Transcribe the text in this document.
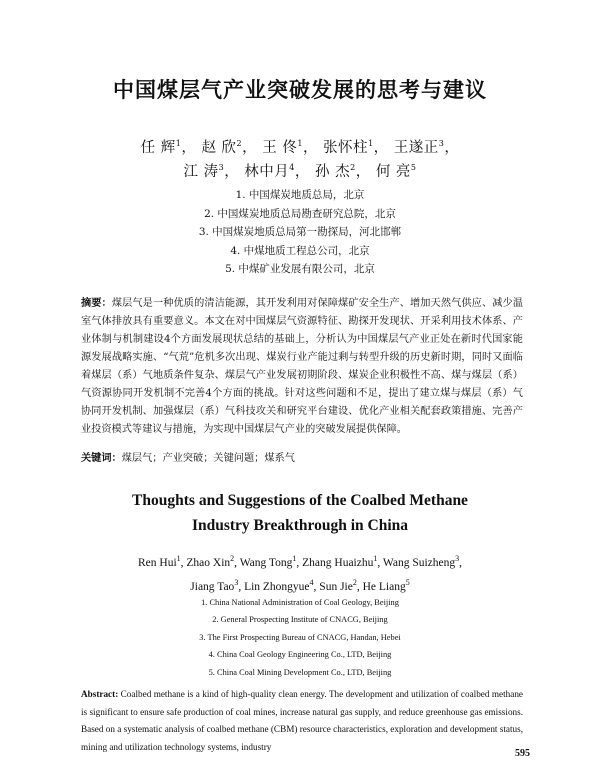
中国煤层气产业突破发展的思考与建议
任 辉$^1$， 赵 欣$^2$， 王 佟$^1$， 张怀柱$^1$， 王遂正$^3$，
江 涛$^3$， 林中月$^4$， 孙 杰$^2$， 何 亮$^5$
1. 中国煤炭地质总局，北京
2. 中国煤炭地质总局勘查研究总院，北京
3. 中国煤炭地质总局第一勘探局，河北邯郸
4. 中煤地质工程总公司，北京
5. 中煤矿业发展有限公司，北京
摘要：煤层气是一种优质的清洁能源，其开发利用对保障煤矿安全生产、增加天然气供应、减少温室气体排放具有重要意义。本文在对中国煤层气资源特征、勘探开发现状、开采利用技术体系、产业体制与机制建设4个方面发展现状总结的基础上，分析认为中国煤层气产业正处在新时代国家能源发展战略实施、“气荒”危机多次出现、煤炭行业产能过剩与转型升级的历史新时期，同时又面临着煤层（系）气地质条件复杂、煤层气产业发展初期阶段、煤炭企业积极性不高、煤与煤层（系）气资源协同开发机制不完善4个方面的挑战。针对这些问题和不足，提出了建立煤与煤层（系）气协同开发机制、加强煤层（系）气科技攻关和研究平台建设、优化产业相关配套政策措施、完善产业投资模式等建议与措施，为实现中国煤层气产业的突破发展提供保障。
关键词：煤层气；产业突破；关键问题；煤系气
Thoughts and Suggestions of the Coalbed Methane
Industry Breakthrough in China
Ren Hui$^1$, Zhao Xin$^2$, Wang Tong$^1$, Zhang Huaizhu$^1$, Wang Suizheng$^3$,
Jiang Tao$^3$, Lin Zhongyue$^4$, Sun Jie$^2$, He Liang$^5$
1. China National Administration of Coal Geology, Beijing
2. General Prospecting Institute of CNACG, Beijing
3. The First Prospecting Bureau of CNACG, Handan, Hebei
4. China Coal Geology Engineering Co., LTD, Beijing
5. China Coal Mining Development Co., LTD, Beijing
Abstract: Coalbed methane is a kind of high-quality clean energy. The development and utilization of coalbed methane is significant to ensure safe production of coal mines, increase natural gas supply, and reduce greenhouse gas emissions. Based on a systematic analysis of coalbed methane (CBM) resource characteristics, exploration and development status, mining and utilization technology systems, industry
595
